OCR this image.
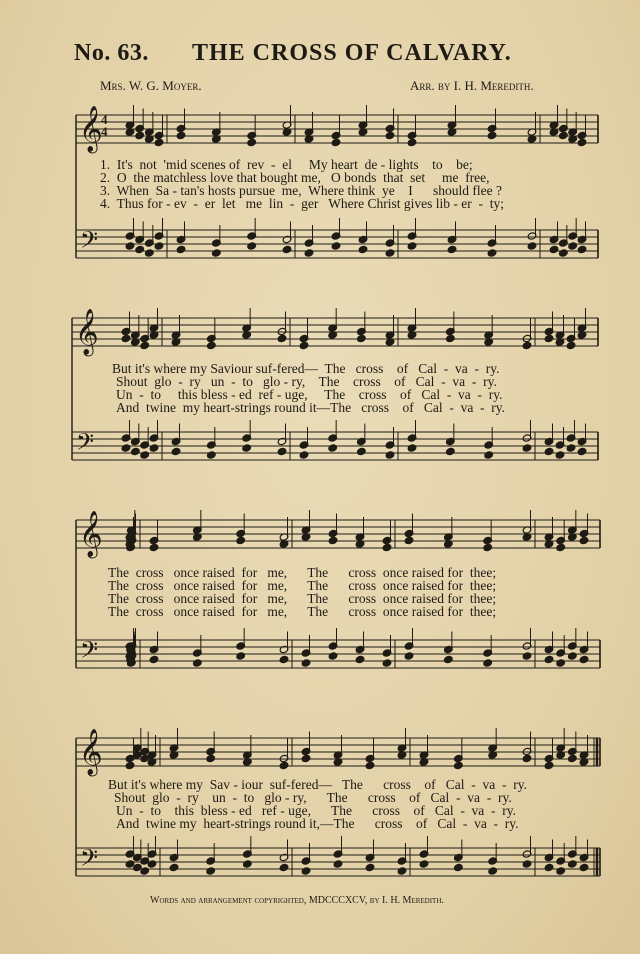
No. 63. THE CROSS OF CALVARY.
Mrs. W. G. Moyer.	Arr. by I. H. Meredith.
𝄞
𝄢
𝄞
𝄢
𝄞
𝄢
𝄞
𝄢
4
4
1.  It's  not  'mid scenes of  rev  -  el     My heart  de - lights    to    be;
2.  O  the matchless love that bought me,   O bonds  that  set     me  free,
3.  When  Sa - tan's hosts pursue  me,  Where think  ye    I      should flee ?
4.  Thus for - ev  -  er  let   me  lin  -  ger   Where Christ gives lib - er  -  ty;
But it's where my Saviour suf-fered—  The   cross    of   Cal  -  va  -  ry.
Shout  glo  -  ry   un  -  to   glo - ry,    The    cross    of   Cal  -  va  -  ry.
Un  -  to     this bless - ed  ref - uge,     The    cross    of   Cal  -  va  -  ry.
And  twine  my heart-strings round it—The   cross    of   Cal  -  va  -  ry.
The  cross   once raised  for   me,      The      cross  once raised for  thee;
The  cross   once raised  for   me,      The      cross  once raised for  thee;
The  cross   once raised  for   me,      The      cross  once raised for  thee;
The  cross   once raised  for   me,      The      cross  once raised for  thee;
But it's where my  Sav - iour  suf-fered—   The      cross    of   Cal  -  va  -  ry.
Shout  glo  -  ry    un  -  to   glo - ry,      The      cross    of   Cal  -  va  -  ry.
Un  -  to    this  bless - ed   ref - uge,      The      cross    of   Cal  -  va  -  ry.
And  twine my  heart-strings round it,—The      cross    of   Cal  -  va  -  ry.
Words and arrangement copyrighted, MDCCCXCV, by I. H. Meredith.
